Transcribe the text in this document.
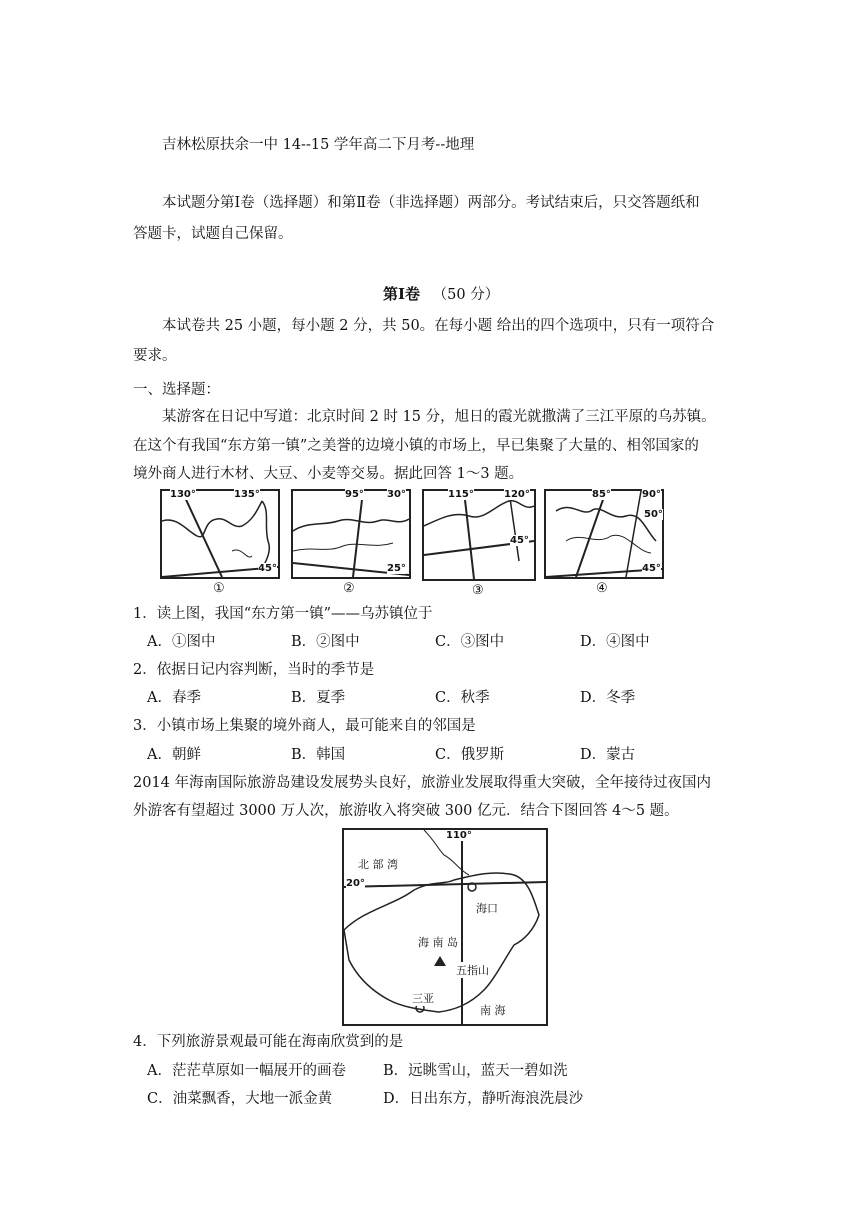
吉林松原扶余一中 14--15 学年高二下月考--地理
本试题分第Ⅰ卷（选择题）和第Ⅱ卷（非选择题）两部分。考试结束后，只交答题纸和
答题卡，试题自己保留。
第Ⅰ卷 （50 分）
本试卷共 25 小题，每小题 2 分，共 50。在每小题 给出的四个选项中，只有一项符合
要求。
一、选择题：
某游客在日记中写道：北京时间 2 时 15 分，旭日的霞光就撒满了三江平原的乌苏镇。
在这个有我国“东方第一镇”之美誉的边境小镇的市场上，早已集聚了大量的、相邻国家的
境外商人进行木材、大豆、小麦等交易。据此回答 1～3 题。
130°	135°
45°
①
95° 30°
25°
②
115°	120°
45°
③
85°	90°
50°
45°
④
1．读上图，我国“东方第一镇”——乌苏镇位于
A．①图中	B．②图中	C．③图中	D．④图中
2．依据日记内容判断，当时的季节是
A．春季	B．夏季	C．秋季	D．冬季
3．小镇市场上集聚的境外商人，最可能来自的邻国是
A．朝鲜	B．韩国	C．俄罗斯	D．蒙古
2014 年海南国际旅游岛建设发展势头良好，旅游业发展取得重大突破，全年接待过夜国内
外游客有望超过 3000 万人次，旅游收入将突破 300 亿元．结合下图回答 4～5 题。
110°
20°
北 部 湾
海口
海 南 岛
五指山
三亚
南 海
4．下列旅游景观最可能在海南欣赏到的是
A．茫茫草原如一幅展开的画卷	B．远眺雪山，蓝天一碧如洗
C．油菜飘香，大地一派金黄	D．日出东方，静听海浪洗晨沙
